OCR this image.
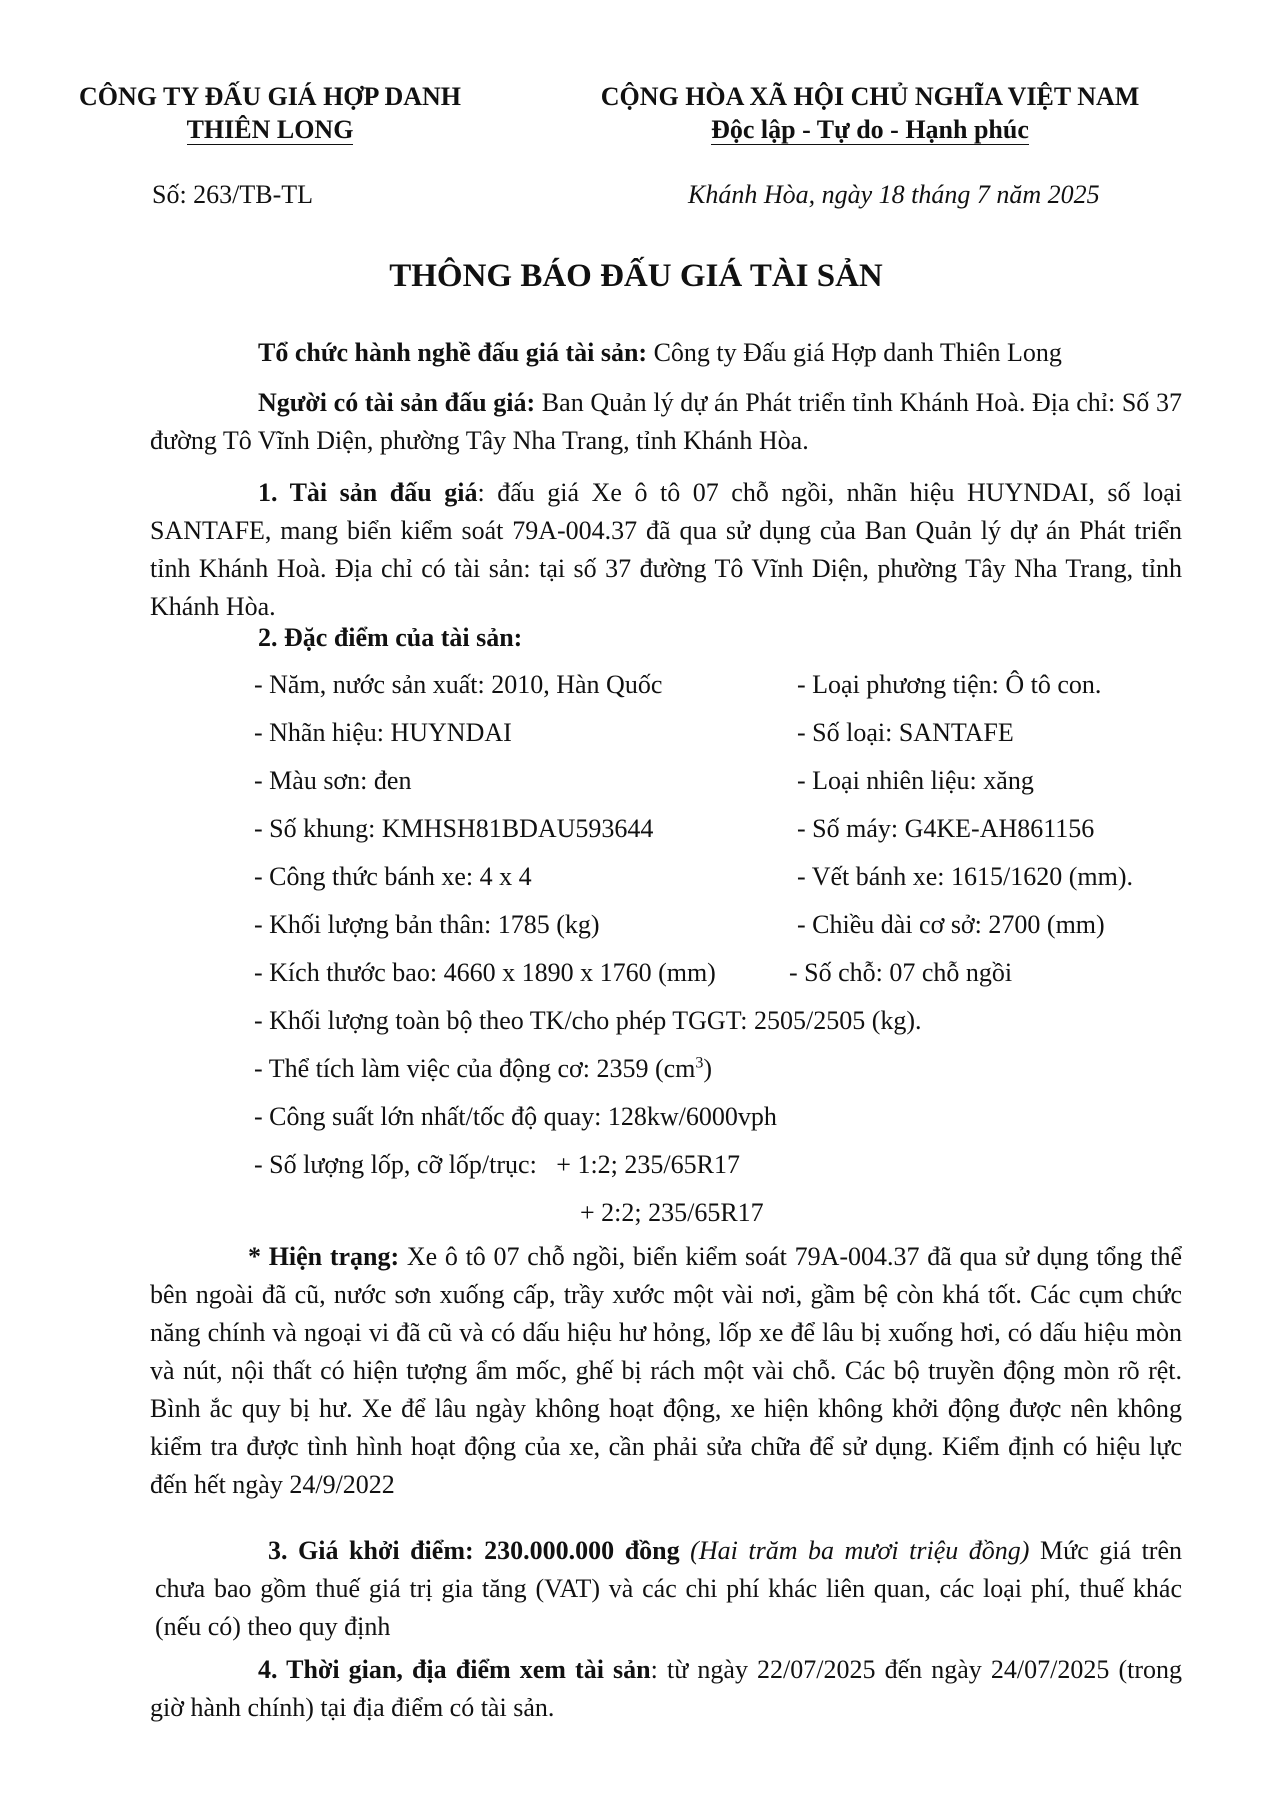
CÔNG TY ĐẤU GIÁ HỢP DANH
THIÊN LONG
CỘNG HÒA XÃ HỘI CHỦ NGHĨA VIỆT NAM
Độc lập - Tự do - Hạnh phúc
Số: 263/TB-TL	Khánh Hòa, ngày 18 tháng 7 năm 2025
THÔNG BÁO ĐẤU GIÁ TÀI SẢN
Tổ chức hành nghề đấu giá tài sản: Công ty Đấu giá Hợp danh Thiên Long
Người có tài sản đấu giá: Ban Quản lý dự án Phát triển tỉnh Khánh Hoà. Địa chỉ: Số 37 đường Tô Vĩnh Diện, phường Tây Nha Trang, tỉnh Khánh Hòa.
1. Tài sản đấu giá: đấu giá Xe ô tô 07 chỗ ngồi, nhãn hiệu HUYNDAI, số loại SANTAFE, mang biển kiểm soát 79A-004.37 đã qua sử dụng của Ban Quản lý dự án Phát triển tỉnh Khánh Hoà. Địa chỉ có tài sản: tại số 37 đường Tô Vĩnh Diện, phường Tây Nha Trang, tỉnh Khánh Hòa.
2. Đặc điểm của tài sản:
- Năm, nước sản xuất: 2010, Hàn Quốc
- Nhãn hiệu: HUYNDAI
- Màu sơn: đen
- Số khung: KMHSH81BDAU593644
- Công thức bánh xe: 4 x 4
- Khối lượng bản thân: 1785 (kg)
- Kích thước bao: 4660 x 1890 x 1760 (mm)
- Loại phương tiện: Ô tô con.
- Số loại: SANTAFE
- Loại nhiên liệu: xăng
- Số máy: G4KE-AH861156
- Vết bánh xe: 1615/1620 (mm).
- Chiều dài cơ sở: 2700 (mm)
- Số chỗ: 07 chỗ ngồi
- Khối lượng toàn bộ theo TK/cho phép TGGT: 2505/2505 (kg).
- Thể tích làm việc của động cơ: 2359 $(cm^3)$
- Công suất lớn nhất/tốc độ quay: 128kw/6000vph
- Số lượng lốp, cỡ lốp/trục:   + 1:2; 235/65R17
+ 2:2; 235/65R17
* Hiện trạng: Xe ô tô 07 chỗ ngồi, biển kiểm soát 79A-004.37 đã qua sử dụng tổng thể bên ngoài đã cũ, nước sơn xuống cấp, trầy xước một vài nơi, gầm bệ còn khá tốt. Các cụm chức năng chính và ngoại vi đã cũ và có dấu hiệu hư hỏng, lốp xe để lâu bị xuống hơi, có dấu hiệu mòn và nút, nội thất có hiện tượng ẩm mốc, ghế bị rách một vài chỗ. Các bộ truyền động mòn rõ rệt. Bình ắc quy bị hư. Xe để lâu ngày không hoạt động, xe hiện không khởi động được nên không kiểm tra được tình hình hoạt động của xe, cần phải sửa chữa để sử dụng. Kiểm định có hiệu lực đến hết ngày 24/9/2022
3. Giá khởi điểm: 230.000.000 đồng (Hai trăm ba mươi triệu đồng) Mức giá trên chưa bao gồm thuế giá trị gia tăng (VAT) và các chi phí khác liên quan, các loại phí, thuế khác (nếu có) theo quy định
4. Thời gian, địa điểm xem tài sản: từ ngày 22/07/2025 đến ngày 24/07/2025 (trong giờ hành chính) tại địa điểm có tài sản.
